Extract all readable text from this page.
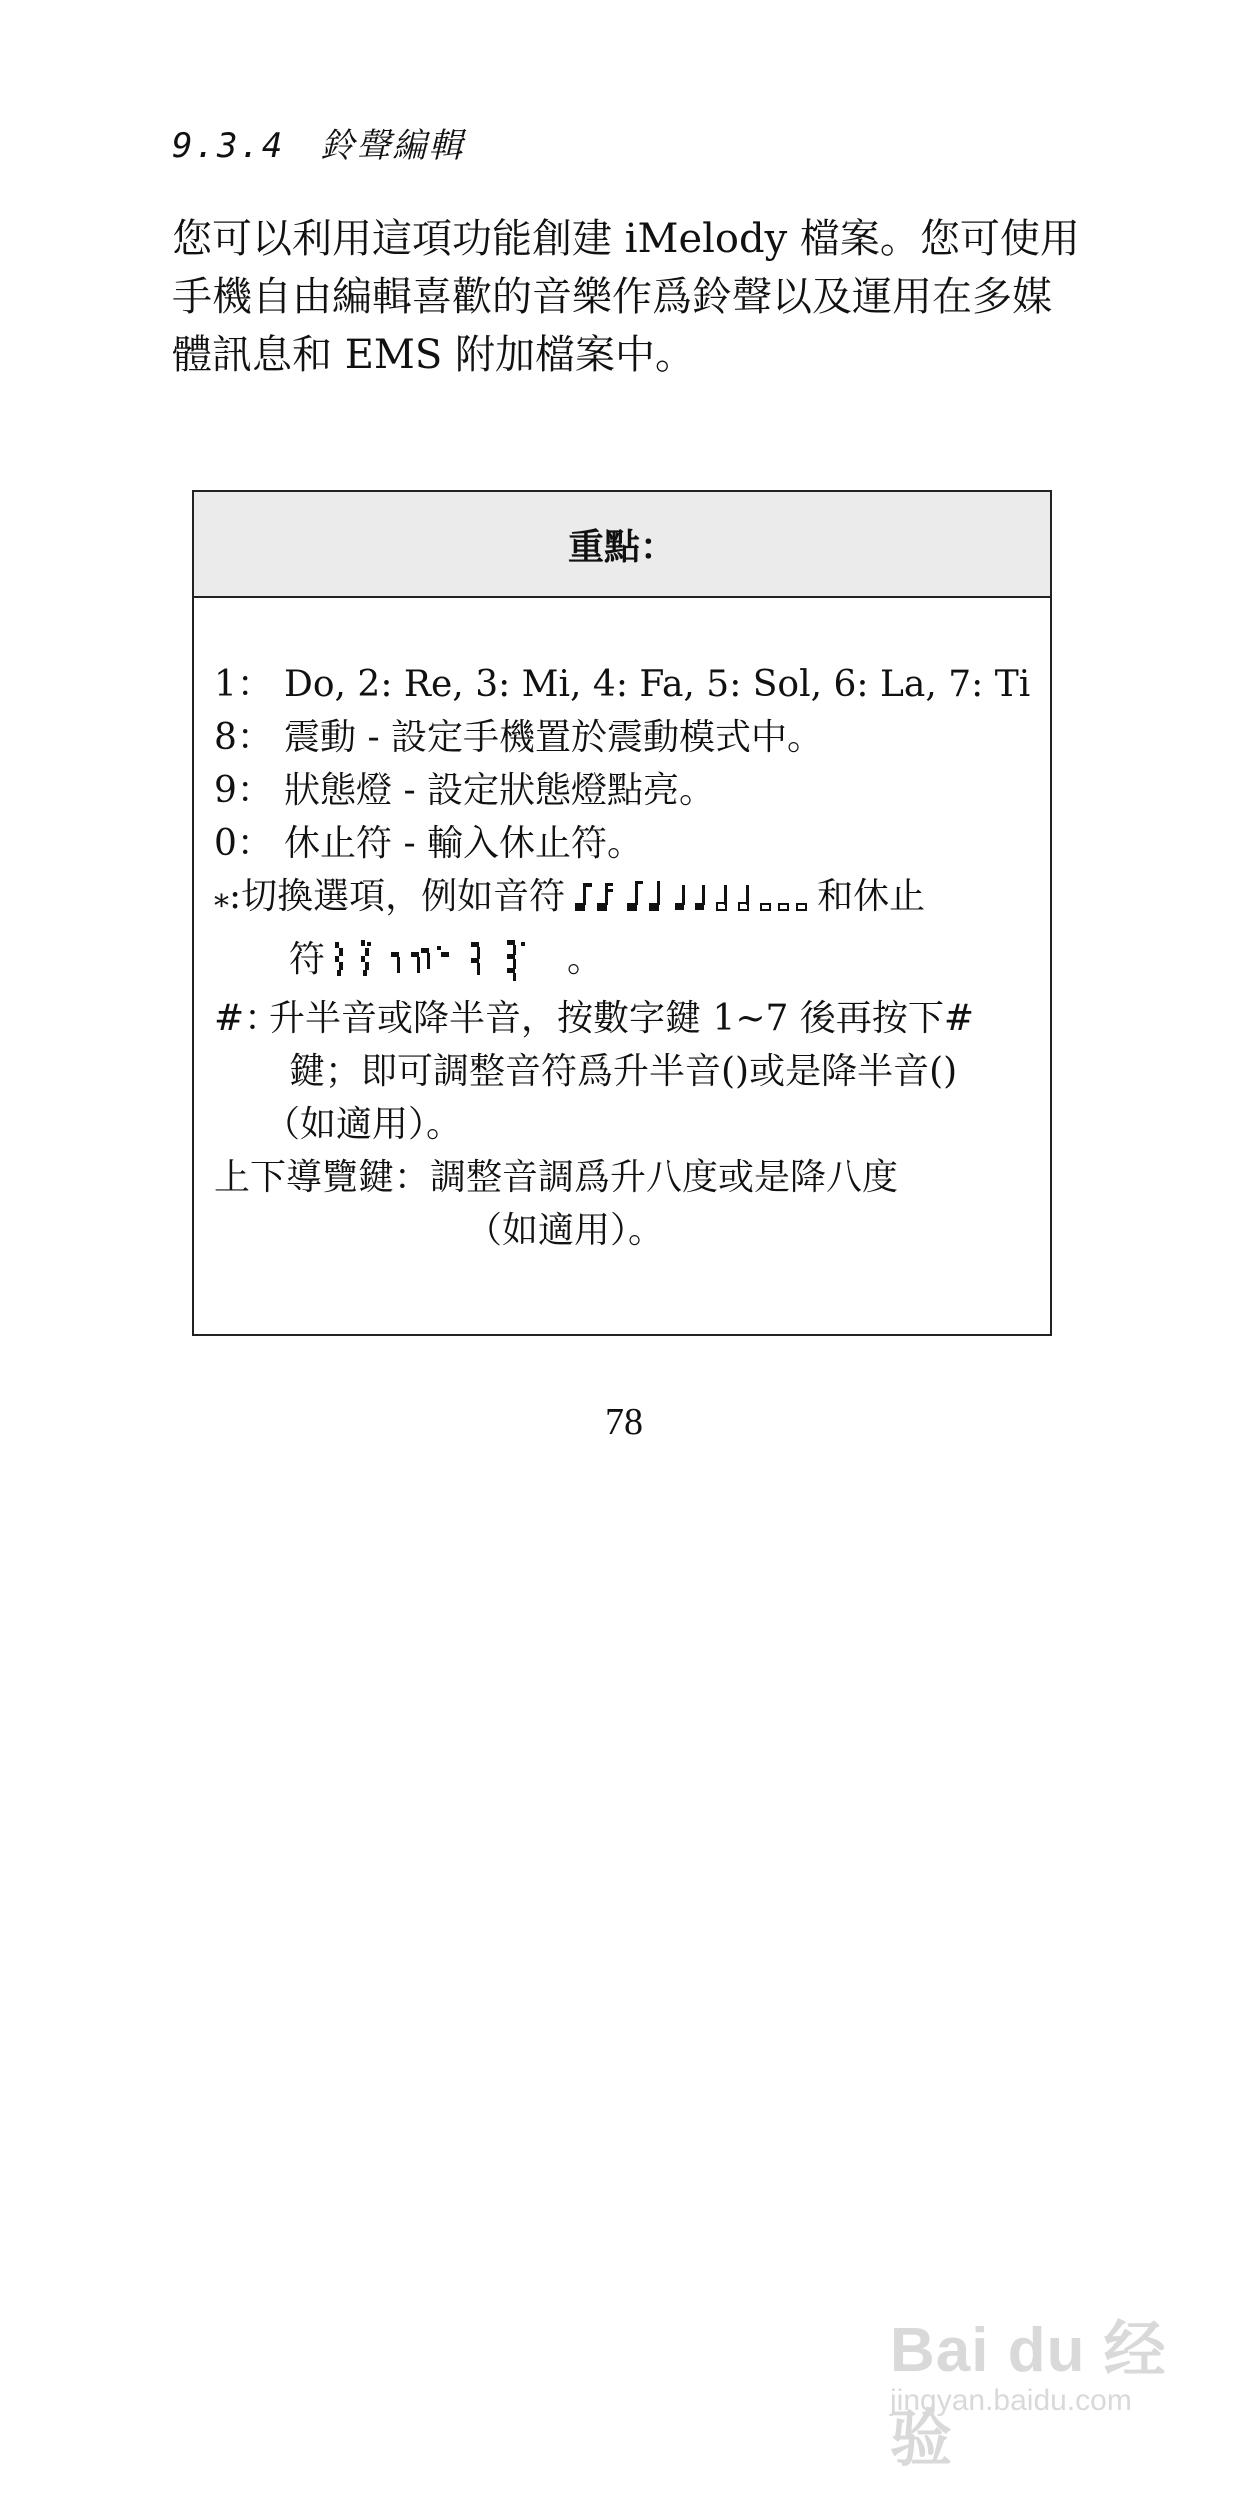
9.3.4　鈴聲編輯
您可以利用這項功能創建 iMelody 檔案。您可使用
手機自由編輯喜歡的音樂作爲鈴聲以及運用在多媒
體訊息和 EMS 附加檔案中。
重點：
1： Do, 2: Re, 3: Mi, 4: Fa, 5: Sol, 6: La, 7: Ti
8： 震動 - 設定手機置於震動模式中。
9： 狀態燈 - 設定狀態燈點亮。
0： 休止符 - 輸入休止符。
* :切換選項，例如音符	和休止
符	。
#：
升半音或降半音，按數字鍵 1~7 後再按下#
鍵；即可調整音符爲升半音()或是降半音()
（如適用）。
上下導覽鍵：調整音調爲升八度或是降八度
（如適用）。
78
Bai du 经验
jingyan.baidu.com
